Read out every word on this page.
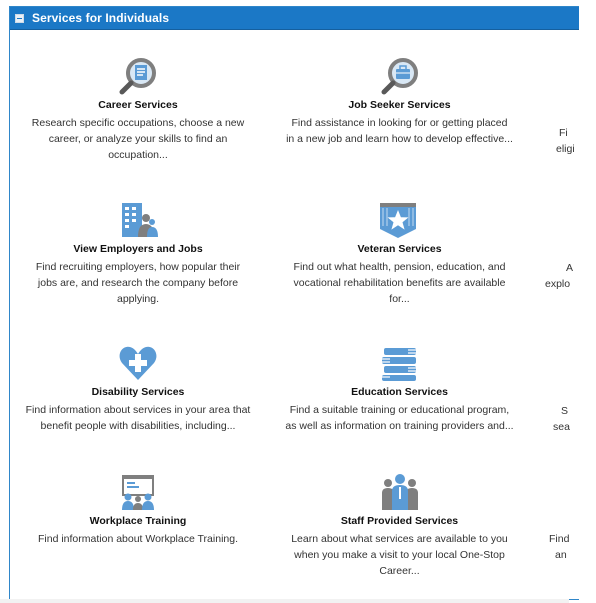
Services for Individuals
Career Services
Research specific occupations, choose a new
career, or analyze your skills to find an
occupation...
Job Seeker Services
Find assistance in looking for or getting placed
in a new job and learn how to develop effective...
View Employers and Jobs
Find recruiting employers, how popular their
jobs are, and research the company before
applying.
Veteran Services
Find out what health, pension, education, and
vocational rehabilitation benefits are available
for...
Disability Services
Find information about services in your area that
benefit people with disabilities, including...
Education Services
Find a suitable training or educational program,
as well as information on training providers and...
Workplace Training
Find information about Workplace Training.
Staff Provided Services
Learn about what services are available to you
when you make a visit to your local One-Stop
Career...
Fi
eligi
A
explo
S
sea
Find
an
